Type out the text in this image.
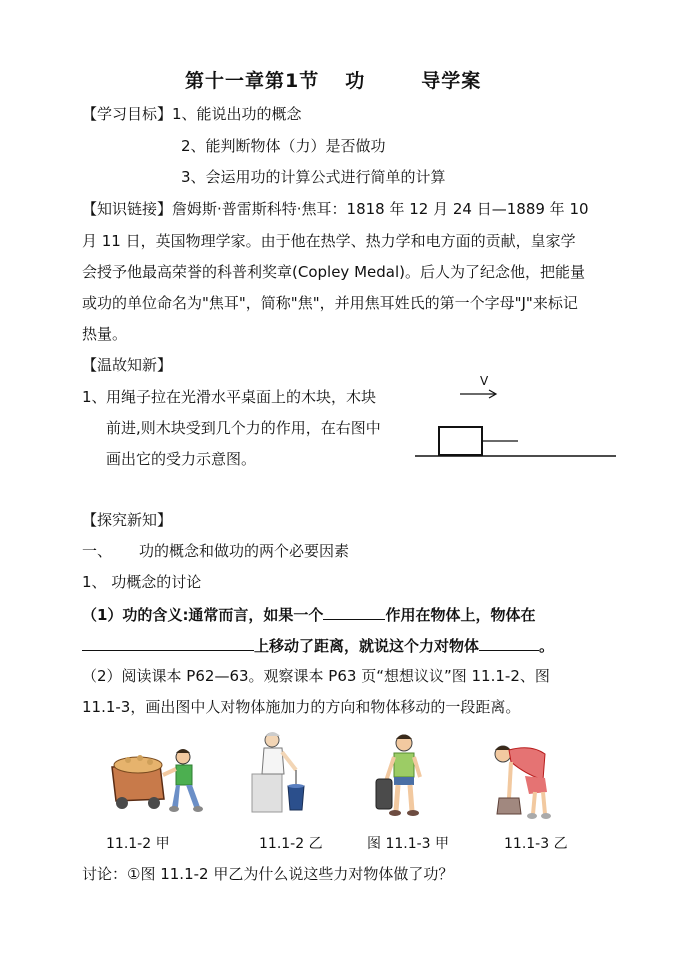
第十一章第1节 功	导学案
【学习目标】1、能说出功的概念
2、能判断物体（力）是否做功
3、会运用功的计算公式进行简单的计算
【知识链接】詹姆斯·普雷斯科特·焦耳：1818 年 12 月 24 日—1889 年 10
月 11 日，英国物理学家。由于他在热学、热力学和电方面的贡献，皇家学
会授予他最高荣誉的科普利奖章(Copley Medal)。后人为了纪念他，把能量
或功的单位命名为"焦耳"，简称"焦"，并用焦耳姓氏的第一个字母"J"来标记
热量。
【温故知新】
1、 用绳子拉在光滑水平桌面上的木块，木块
前进,则木块受到几个力的作用，在右图中
画出它的受力示意图。
V
【探究新知】
一、 功的概念和做功的两个必要因素
1、 功概念的讨论
（1）功的含义:通常而言，如果一个	作用在物体上，物体在
上移动了距离，就说这个力对物体	。
（2）阅读课本 P62—63。观察课本 P63 页“想想议议”图 11.1-2、图
11.1-3，画出图中人对物体施加力的方向和物体移动的一段距离。
11.1-2 甲	11.1-2 乙	图 11.1-3 甲	11.1-3 乙
讨论：①图 11.1-2 甲乙为什么说这些力对物体做了功？
